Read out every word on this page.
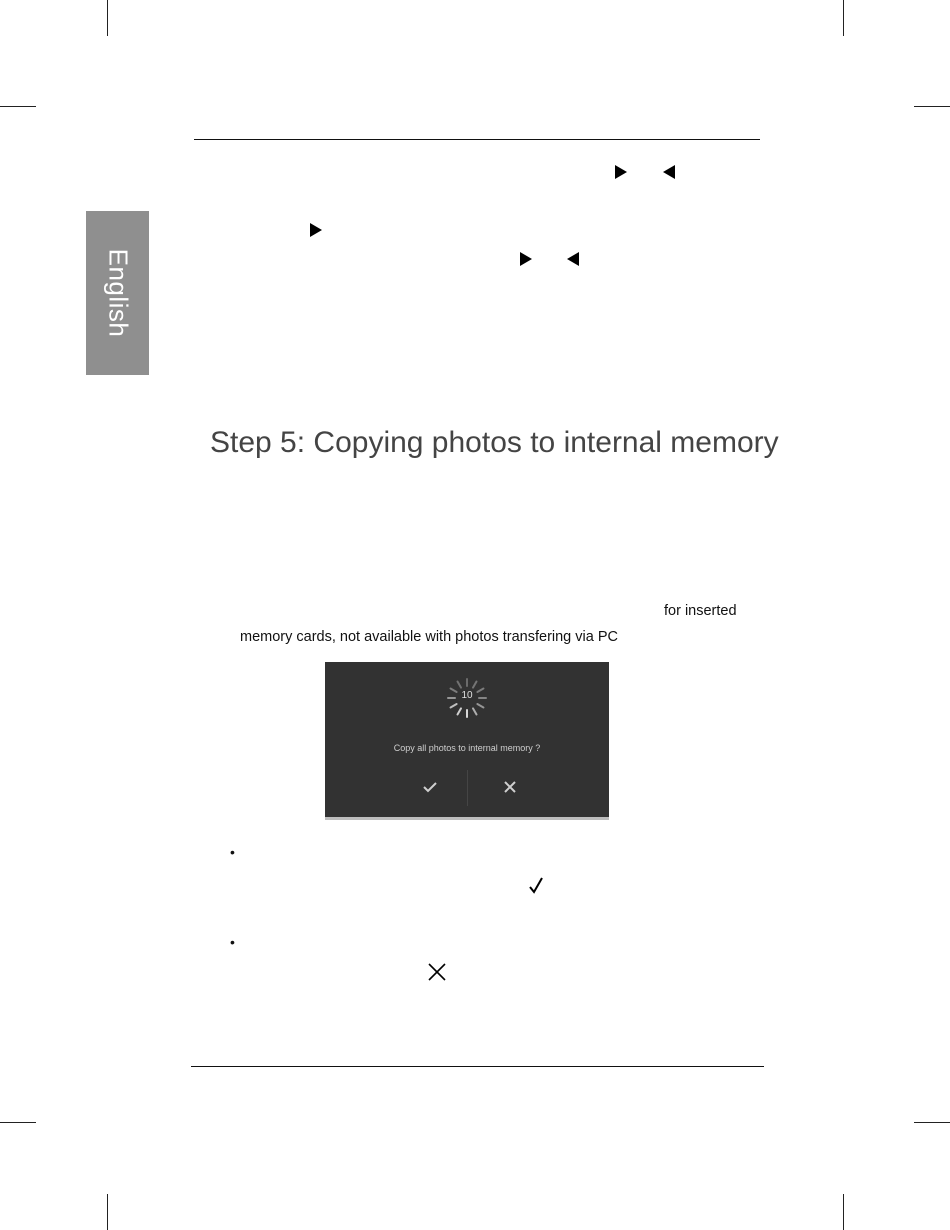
English
Step 5: Copying photos to internal memory
for inserted
memory cards, not available with photos transfering via PC
10
Copy all photos to internal memory ?
•
•
